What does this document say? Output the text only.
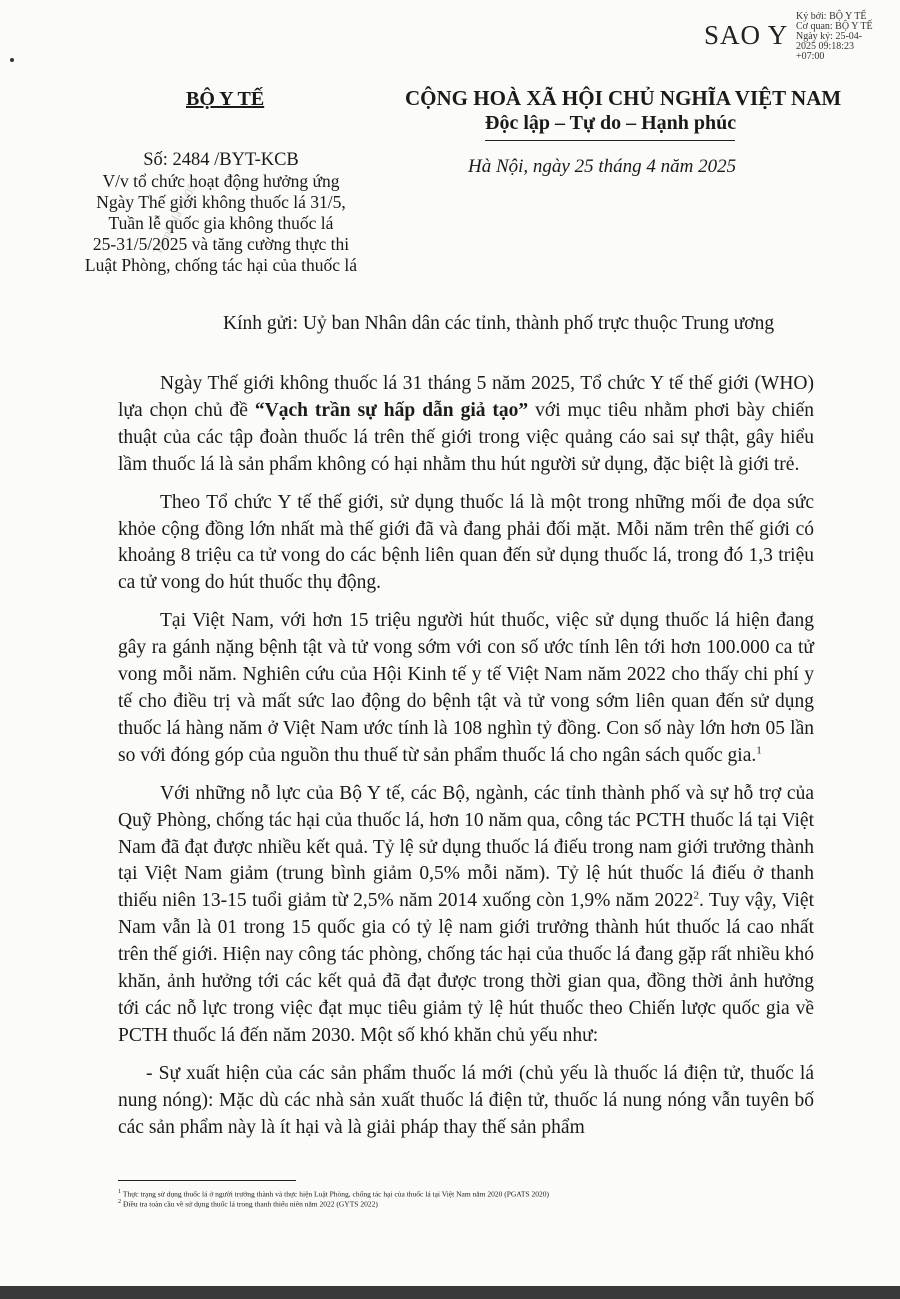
Thanh Hà 14/05
SAO Y
Ký bởi: BỘ Y TẾ
Cơ quan: BỘ Y TẾ
Ngày ký: 25-04-
2025 09:18:23
+07:00
BỘ Y TẾ	CỘNG HOÀ XÃ HỘI CHỦ NGHĨA VIỆT NAM
Độc lập – Tự do – Hạnh phúc
Số: 2484 /BYT-KCB
V/v tổ chức hoạt động hưởng ứng
Ngày Thế giới không thuốc lá 31/5,
Tuần lễ quốc gia không thuốc lá
25-31/5/2025 và tăng cường thực thi
Luật Phòng, chống tác hại của thuốc lá
Hà Nội, ngày 25 tháng 4 năm 2025
Kính gửi: Uỷ ban Nhân dân các tỉnh, thành phố trực thuộc Trung ương

Ngày Thế giới không thuốc lá 31 tháng 5 năm 2025, Tổ chức Y tế thế giới (WHO) lựa chọn chủ đề “Vạch trần sự hấp dẫn giả tạo” với mục tiêu nhằm phơi bày chiến thuật của các tập đoàn thuốc lá trên thế giới trong việc quảng cáo sai sự thật, gây hiểu lầm thuốc lá là sản phẩm không có hại nhằm thu hút người sử dụng, đặc biệt là giới trẻ.

Theo Tổ chức Y tế thế giới, sử dụng thuốc lá là một trong những mối đe dọa sức khỏe cộng đồng lớn nhất mà thế giới đã và đang phải đối mặt. Mỗi năm trên thế giới có khoảng 8 triệu ca tử vong do các bệnh liên quan đến sử dụng thuốc lá, trong đó 1,3 triệu ca tử vong do hút thuốc thụ động.

Tại Việt Nam, với hơn 15 triệu người hút thuốc, việc sử dụng thuốc lá hiện đang gây ra gánh nặng bệnh tật và tử vong sớm với con số ước tính lên tới hơn 100.000 ca tử vong mỗi năm. Nghiên cứu của Hội Kinh tế y tế Việt Nam năm 2022 cho thấy chi phí y tế cho điều trị và mất sức lao động do bệnh tật và tử vong sớm liên quan đến sử dụng thuốc lá hàng năm ở Việt Nam ước tính là 108 nghìn tỷ đồng. Con số này lớn hơn 05 lần so với đóng góp của nguồn thu thuế từ sản phẩm thuốc lá cho ngân sách quốc gia.$^1$

Với những nỗ lực của Bộ Y tế, các Bộ, ngành, các tỉnh thành phố và sự hỗ trợ của Quỹ Phòng, chống tác hại của thuốc lá, hơn 10 năm qua, công tác PCTH thuốc lá tại Việt Nam đã đạt được nhiều kết quả. Tỷ lệ sử dụng thuốc lá điếu trong nam giới trưởng thành tại Việt Nam giảm (trung bình giảm 0,5% mỗi năm). Tỷ lệ hút thuốc lá điếu ở thanh thiếu niên 13-15 tuổi giảm từ 2,5% năm 2014 xuống còn 1,9% năm 2022$^2$. Tuy vậy, Việt Nam vẫn là 01 trong 15 quốc gia có tỷ lệ nam giới trưởng thành hút thuốc lá cao nhất trên thế giới. Hiện nay công tác phòng, chống tác hại của thuốc lá đang gặp rất nhiều khó khăn, ảnh hưởng tới các kết quả đã đạt được trong thời gian qua, đồng thời ảnh hưởng tới các nỗ lực trong việc đạt mục tiêu giảm tỷ lệ hút thuốc theo Chiến lược quốc gia về PCTH thuốc lá đến năm 2030. Một số khó khăn chủ yếu như:

- Sự xuất hiện của các sản phẩm thuốc lá mới (chủ yếu là thuốc lá điện tử, thuốc lá nung nóng): Mặc dù các nhà sản xuất thuốc lá điện tử, thuốc lá nung nóng vẫn tuyên bố các sản phẩm này là ít hại và là giải pháp thay thế sản phẩm

$^1$ Thực trạng sử dụng thuốc lá ở người trưởng thành và thực hiện Luật Phòng, chống tác hại của thuốc lá tại Việt Nam năm 2020 (PGATS 2020)
$^2$ Điều tra toàn cầu về sử dụng thuốc lá trong thanh thiếu niên năm 2022 (GYTS 2022)
